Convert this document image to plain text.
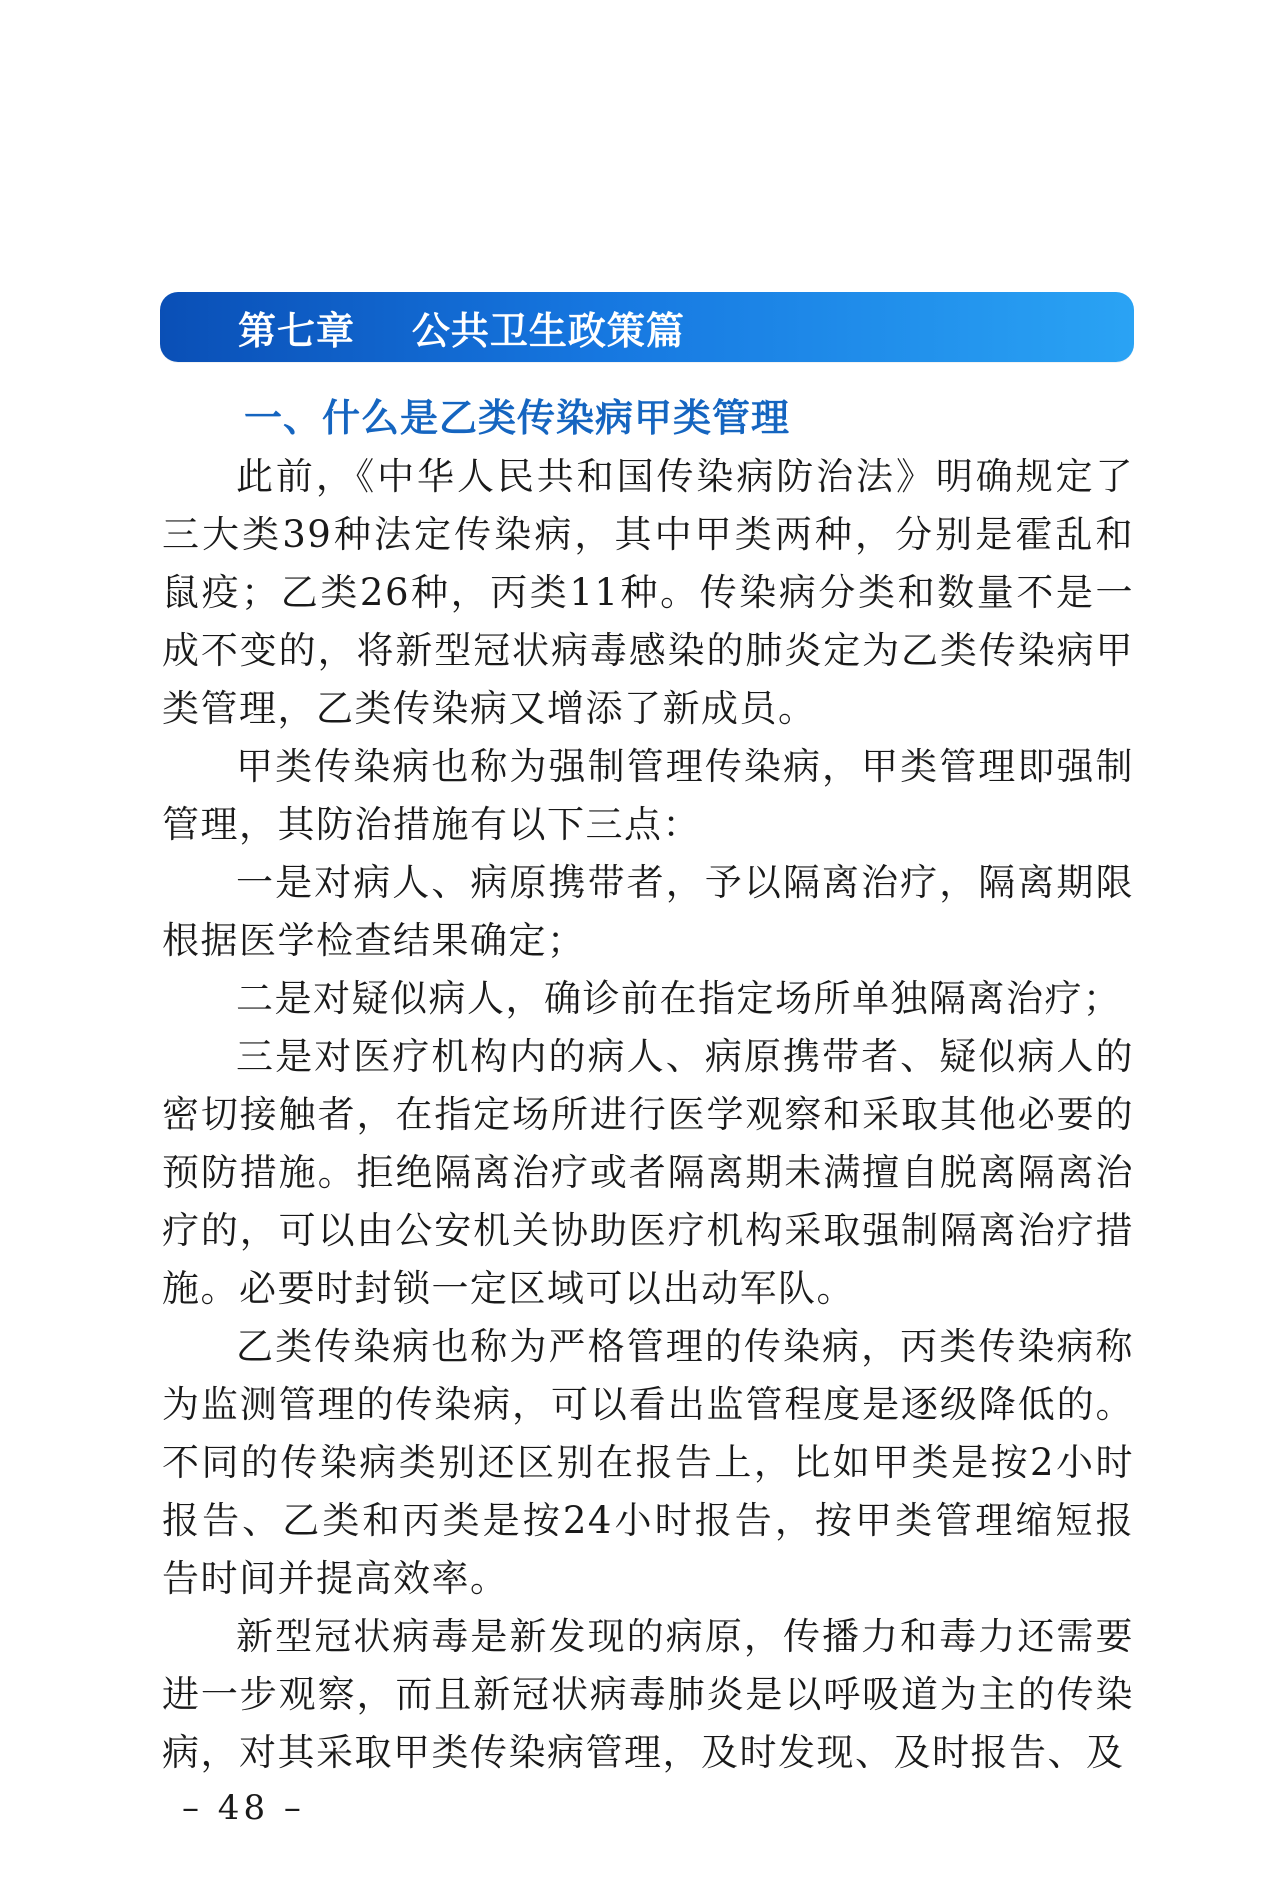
第七章    公共卫生政策篇
一、什么是乙类传染病甲类管理

此前，《中华人民共和国传染病防治法》明确规定了三大类39种法定传染病，其中甲类两种，分别是霍乱和鼠疫；乙类26种，丙类11种。传染病分类和数量不是一成不变的，将新型冠状病毒感染的肺炎定为乙类传染病甲类管理，乙类传染病又增添了新成员。

甲类传染病也称为强制管理传染病，甲类管理即强制管理，其防治措施有以下三点：

一是对病人、病原携带者，予以隔离治疗，隔离期限根据医学检查结果确定；

二是对疑似病人，确诊前在指定场所单独隔离治疗；

三是对医疗机构内的病人、病原携带者、疑似病人的密切接触者，在指定场所进行医学观察和采取其他必要的预防措施。拒绝隔离治疗或者隔离期未满擅自脱离隔离治疗的，可以由公安机关协助医疗机构采取强制隔离治疗措施。必要时封锁一定区域可以出动军队。

乙类传染病也称为严格管理的传染病，丙类传染病称为监测管理的传染病，可以看出监管程度是逐级降低的。不同的传染病类别还区别在报告上，比如甲类是按2小时报告、乙类和丙类是按24小时报告，按甲类管理缩短报告时间并提高效率。

新型冠状病毒是新发现的病原，传播力和毒力还需要进一步观察，而且新冠状病毒肺炎是以呼吸道为主的传染病，对其采取甲类传染病管理，及时发现、及时报告、及

– 48 –
